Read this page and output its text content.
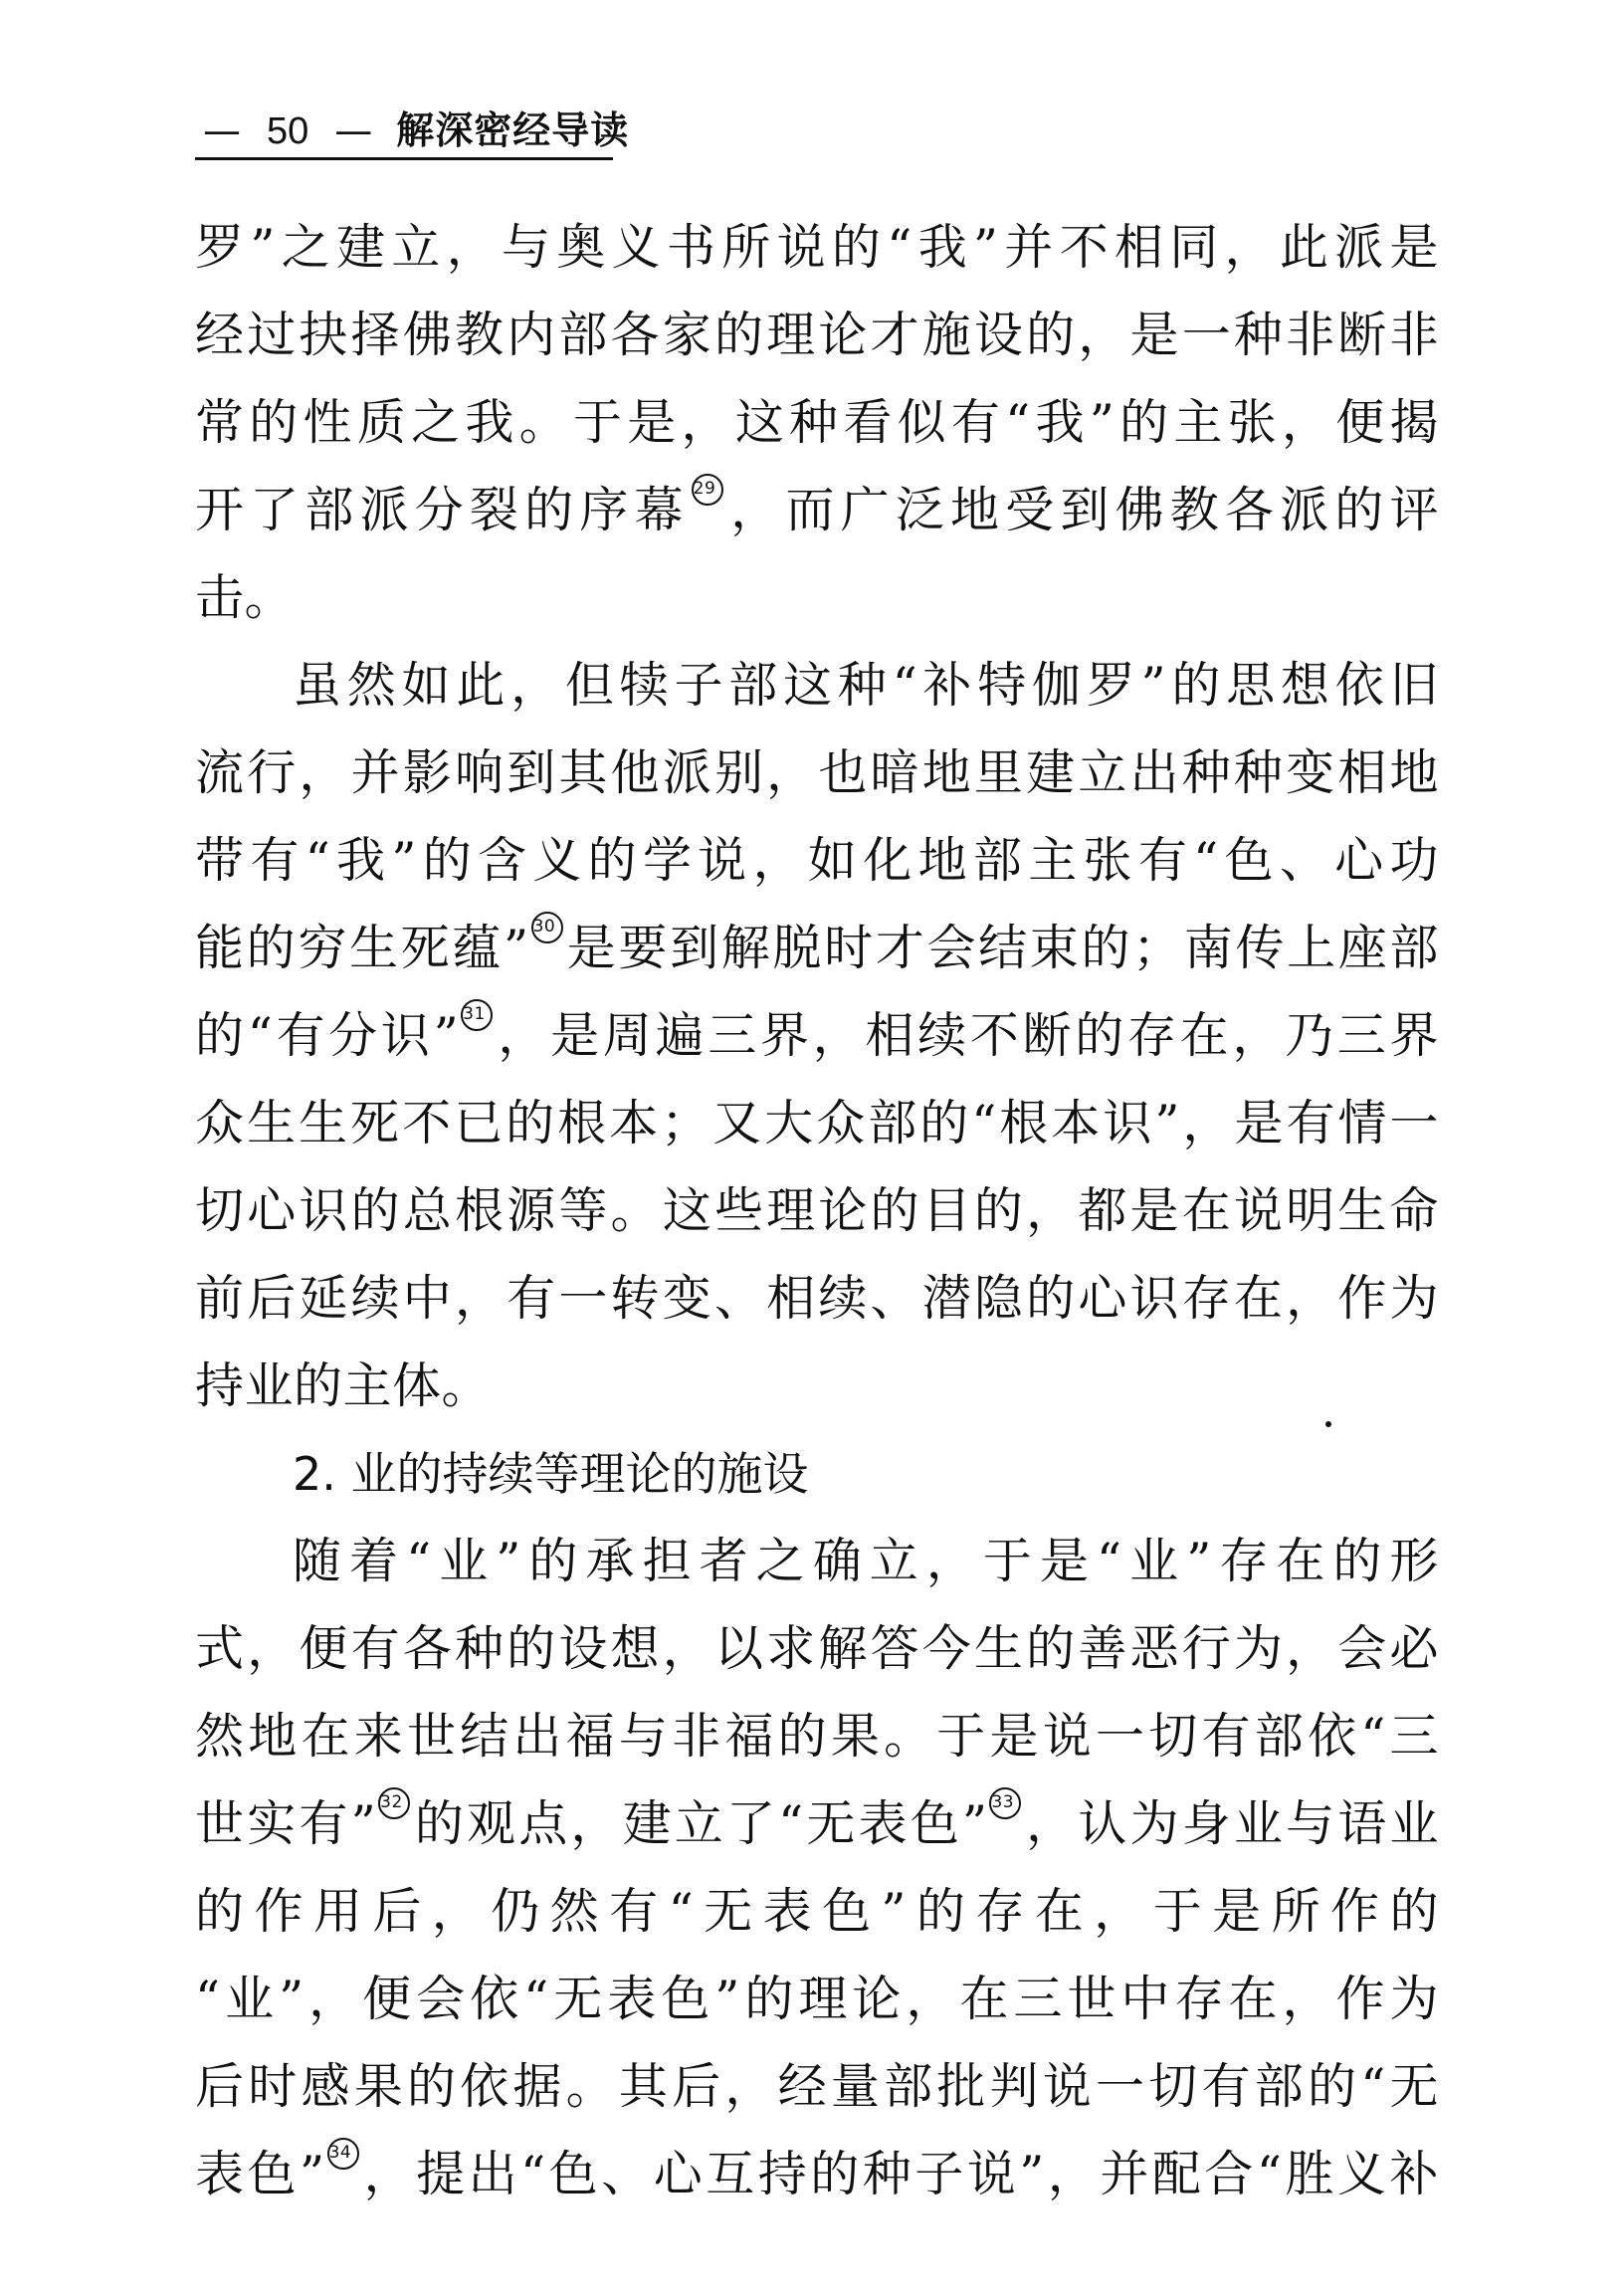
— 50 — 解深密经导读
罗”之建立，与奥义书所说的“我”并不相同，此派是
经过抉择佛教内部各家的理论才施设的，是一种非断非
常的性质之我。于是，这种看似有“我”的主张，便揭
开了部派分裂的序幕 29 ，而广泛地受到佛教各派的评
击。
虽然如此，但犊子部这种“补特伽罗”的思想依旧
流行，并影响到其他派别，也暗地里建立出种种变相地
带有“我”的含义的学说，如化地部主张有“色、心功
能的穷生死蕴” 30 是要到解脱时才会结束的；南传上座部
的“有分识” 31 ，是周遍三界，相续不断的存在，乃三界
众生生死不已的根本；又大众部的“根本识”，是有情一
切心识的总根源等。这些理论的目的，都是在说明生命
前后延续中，有一转变、相续、潜隐的心识存在，作为
持业的主体。
2. 业的持续等理论的施设
随着“业”的承担者之确立，于是“业”存在的形
式，便有各种的设想，以求解答今生的善恶行为，会必
然地在来世结出福与非福的果。于是说一切有部依“三
世实有” 32 的观点，建立了“无表色” 33 ，认为身业与语业
的作用后，仍然有“无表色”的存在，于是所作的
“业”，便会依“无表色”的理论，在三世中存在，作为
后时感果的依据。其后，经量部批判说一切有部的“无
表色” 34 ，提出“色、心互持的种子说”，并配合“胜义补
